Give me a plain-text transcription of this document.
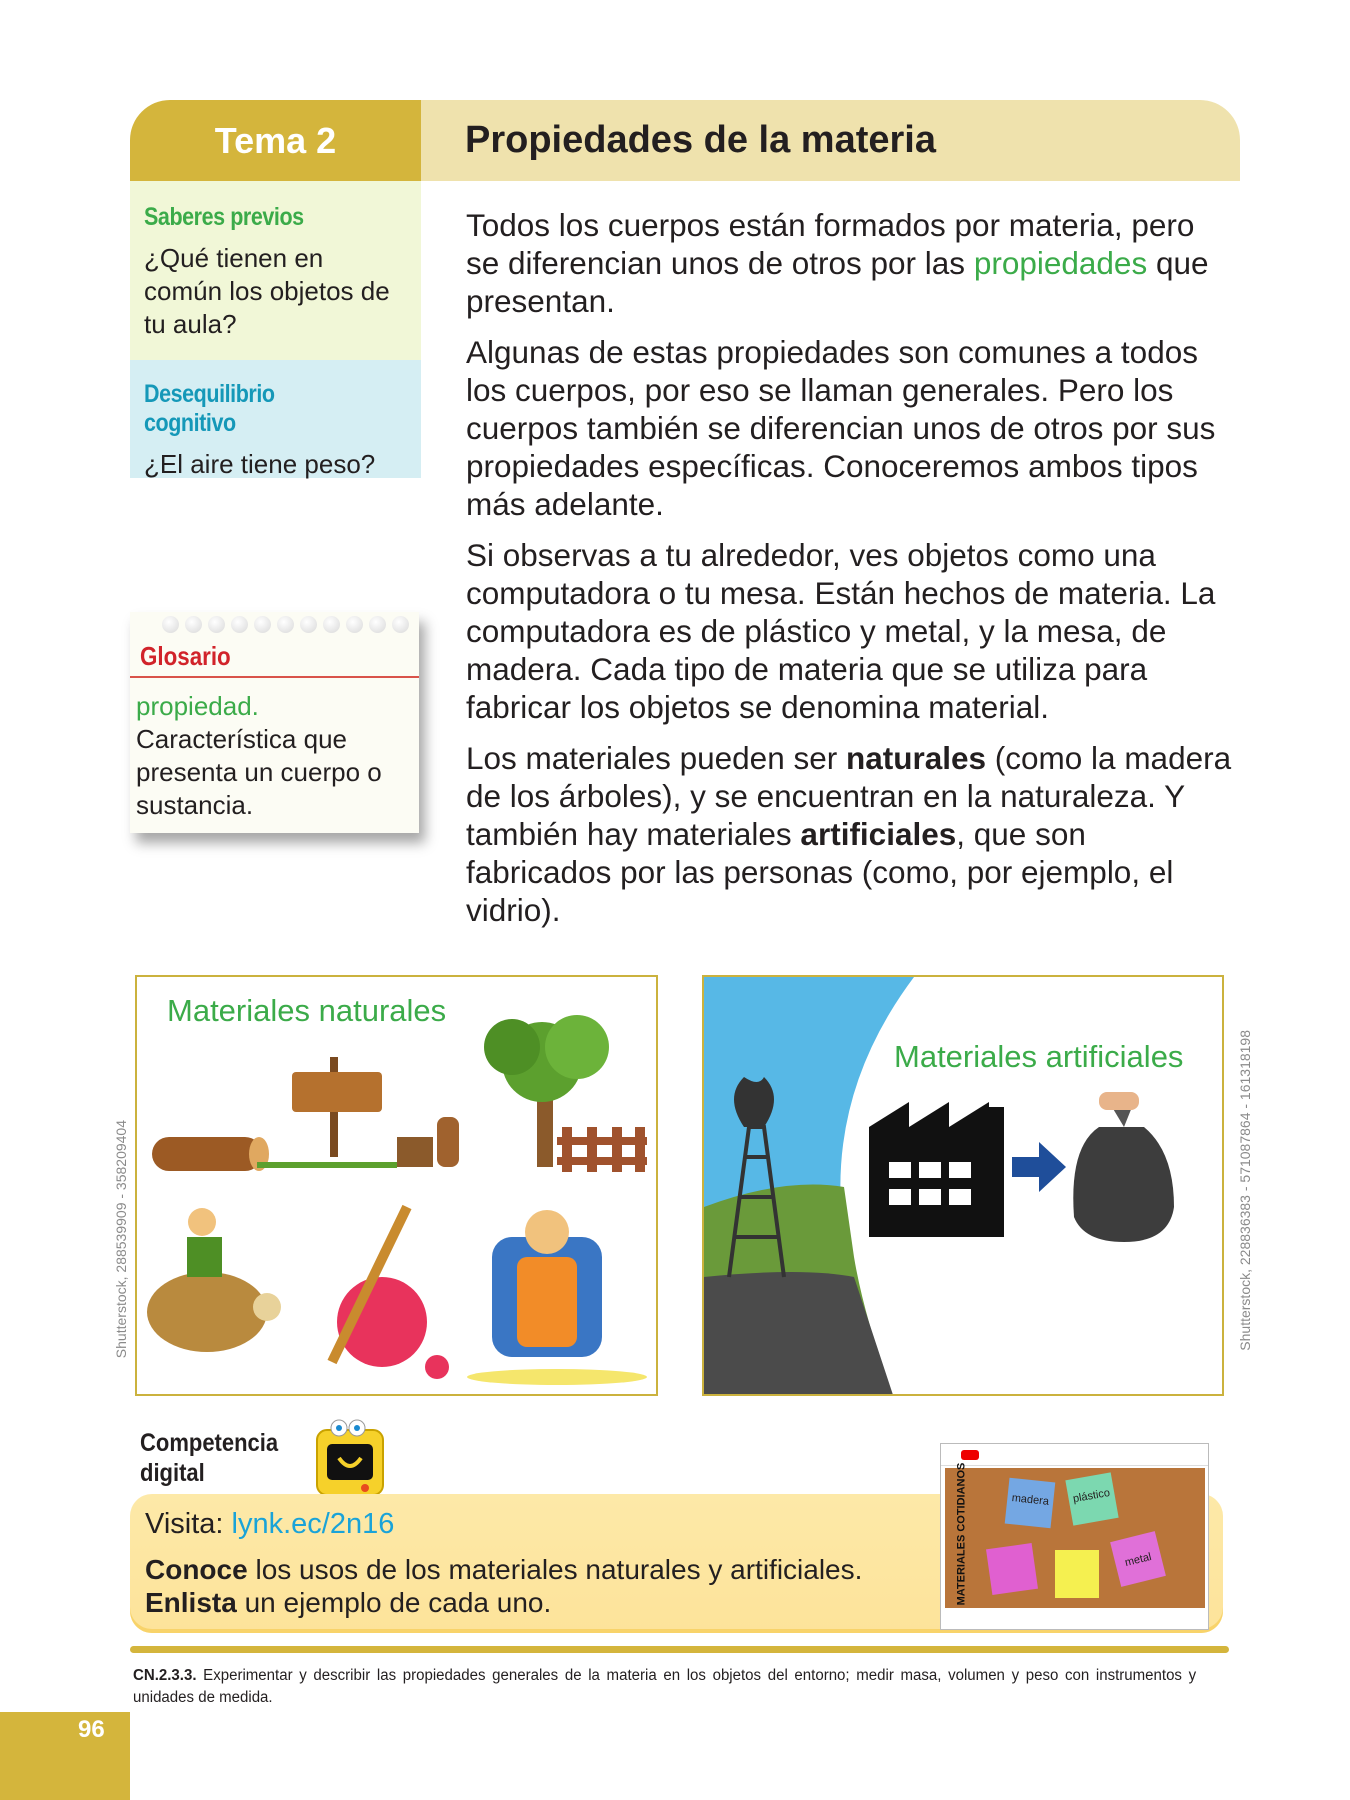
Tema 2	Propiedades de la materia
Saberes previos
¿Qué tienen en común los objetos de tu aula?
Desequilibrio cognitivo
¿El aire tiene peso?

Todos los cuerpos están formados por materia, pero se diferencian unos de otros por las propiedades que presentan.

Algunas de estas propiedades son comunes a todos los cuerpos, por eso se llaman generales. Pero los cuerpos también se diferencian unos de otros por sus propiedades específicas. Conoceremos ambos tipos más adelante.

Si observas a tu alrededor, ves objetos como una computadora o tu mesa. Están hechos de materia. La computadora es de plástico y metal, y la mesa, de madera. Cada tipo de materia que se utiliza para fabricar los objetos se denomina material.

Los materiales pueden ser naturales (como la madera de los árboles), y se encuentran en la naturaleza. Y también hay materiales artificiales, que son fabricados por las personas (como, por ejemplo, el vidrio).

Glosario
propiedad.
Característica que presenta un cuerpo o sustancia.
Shutterstock, 288539909 - 358209404
Materiales naturales
Materiales artificiales	Shutterstock, 228836383 - 571087864 - 161318198
Competencia
digital
Visita: lynk.ec/2n16
Conoce los usos de los materiales naturales y artificiales.
Enlista un ejemplo de cada uno.	MATERIALES COTIDIANOS	madera	plástico
metal
CN.2.3.3. Experimentar y describir las propiedades generales de la materia en los objetos del entorno; medir masa, volumen y peso con instrumentos y unidades de medida.
96
